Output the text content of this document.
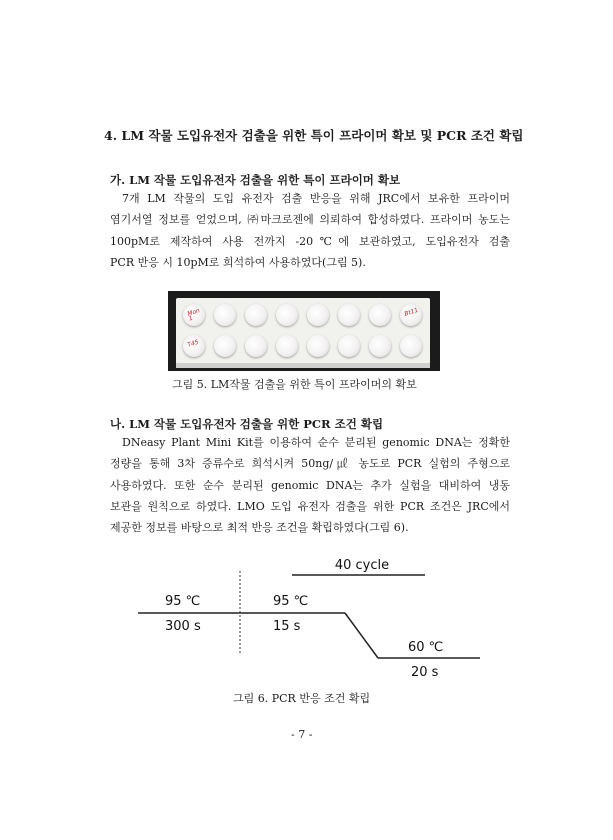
4. LM 작물 도입유전자 검출을 위한 특이 프라이머 확보 및 PCR 조건 확립
가. LM 작물 도입유전자 검출을 위한 특이 프라이머 확보
7개 LM 작물의 도입 유전자 검출 반응을 위해 JRC에서 보유한 프라이머
염기서열 정보를 얻었으며, ㈜마크로젠에 의뢰하여 합성하였다. 프라이머 농도는
100pM로 제작하여 사용 전까지 -20℃에 보관하였고, 도입유전자 검출
PCR 반응 시 10pM로 희석하여 사용하였다(그림 5).
Mon 1
Bt11
T45
그림 5. LM작물 검출을 위한 특이 프라이머의 확보
나. LM 작물 도입유전자 검출을 위한 PCR 조건 확립
DNeasy Plant Mini Kit를 이용하여 순수 분리된 genomic DNA는 정확한
정량을 통해 3차 증류수로 희석시켜 50ng/㎕ 농도로 PCR 실험의 주형으로
사용하였다. 또한 순수 분리된 genomic DNA는 추가 실험을 대비하여 냉동
보관을 원칙으로 하였다. LMO 도입 유전자 검출을 위한 PCR 조건은 JRC에서
제공한 정보를 바탕으로 최적 반응 조건을 확립하였다(그림 6).
40 cycle
95 ℃
300 s
95 ℃
15 s
60 ℃
20 s
그림 6. PCR 반응 조건 확립
- 7 -
